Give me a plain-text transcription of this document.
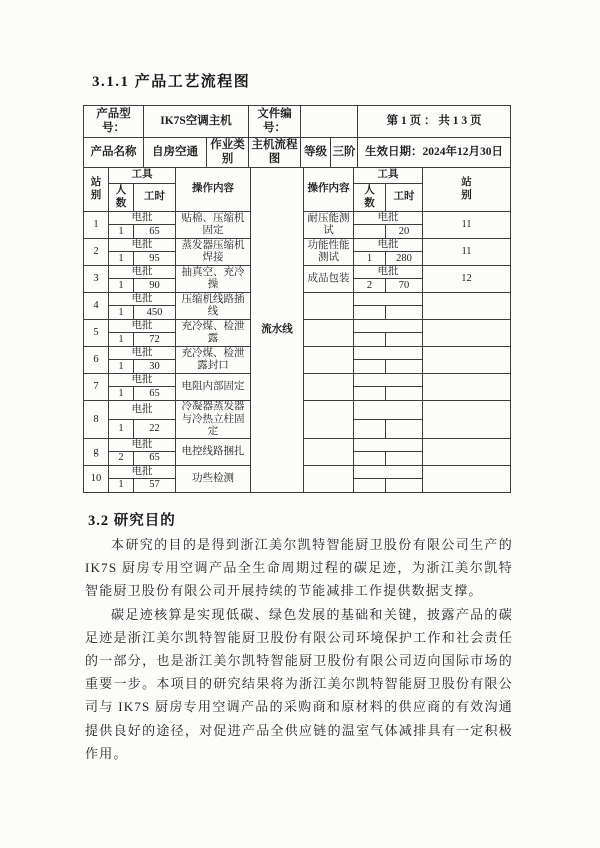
3.1.1 产品工艺流程图
产品型号：	IK7S空调主机		文件编号：			第 1 页 ： 共 1 3 页
产品名称	自房空通	作业类别	主机流程图	等级	三阶	生效日期：2024年12月30日
站别	工具		操作内容	流水线	操作内容	工具		站别
	人数	工时				人数	工时	
1	电批		贴棉、压缩机固定		耐压能测试	电批		11
	1	65					20	
2	电批		蒸发器压缩机焊接		功能性能测试	电批		11
	1	95				1	280	
3	电批		抽真空、充冷操		成品包装	电批		12
	1	90				2	70	
4	电批		压缩机线路插线					
	1	450						
5	电批		充冷煤、检泄露					
	1	72						
6	电批		充冷煤、检泄露封口					
	1	30						
7	电批		电阻内部固定					
	1	65						
8	电批		冷凝器蒸发器与冷热立柱固定					
	1	22						
g	电批		电控线路捆扎					
	2	65						
10	电批		功些检测					
	1	57						
3.2 研究目的

本研究的目的是得到浙江美尔凯特智能厨卫股份有限公司生产的 IK7S 厨房专用空调产品全生命周期过程的碳足迹，为浙江美尔凯特智能厨卫股份有限公司开展持续的节能减排工作提供数据支撑。

碳足迹核算是实现低碳、绿色发展的基础和关键，披露产品的碳足迹是浙江美尔凯特智能厨卫股份有限公司环境保护工作和社会责任的一部分，也是浙江美尔凯特智能厨卫股份有限公司迈向国际市场的重要一步。本项目的研究结果将为浙江美尔凯特智能厨卫股份有限公司与 IK7S 厨房专用空调产品的采购商和原材料的供应商的有效沟通提供良好的途径，对促进产品全供应链的温室气体减排具有一定积极作用。
